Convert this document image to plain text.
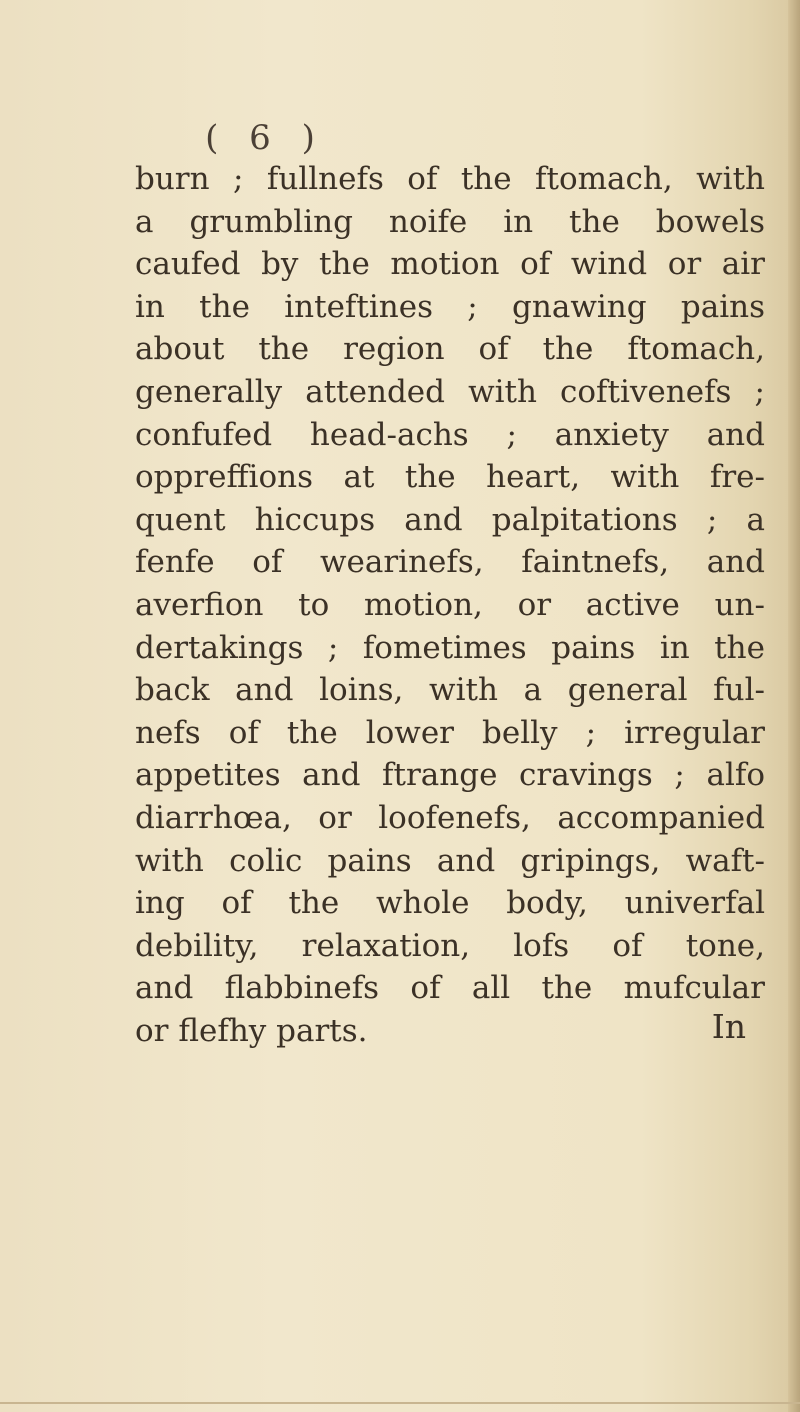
( 6 )
burn ; fullnefs of the ftomach, with
a grumbling noife in the bowels
caufed by the motion of wind or air
in the inteftines ; gnawing pains
about the region of the ftomach,
generally attended with coftivenefs ;
confufed head-achs ; anxiety and
oppreffions at the heart, with fre-
quent hiccups and palpitations ; a
fenfe of wearinefs, faintnefs, and
averfion to motion, or active un-
dertakings ; fometimes pains in the
back and loins, with a general ful-
nefs of the lower belly ; irregular
appetites and ftrange cravings ; alfo
diarrhœa, or loofenefs, accompanied
with colic pains and gripings, waft-
ing of the whole body, univerfal
debility, relaxation, lofs of tone,
and flabbinefs of all the mufcular
or flefhy parts.	In
